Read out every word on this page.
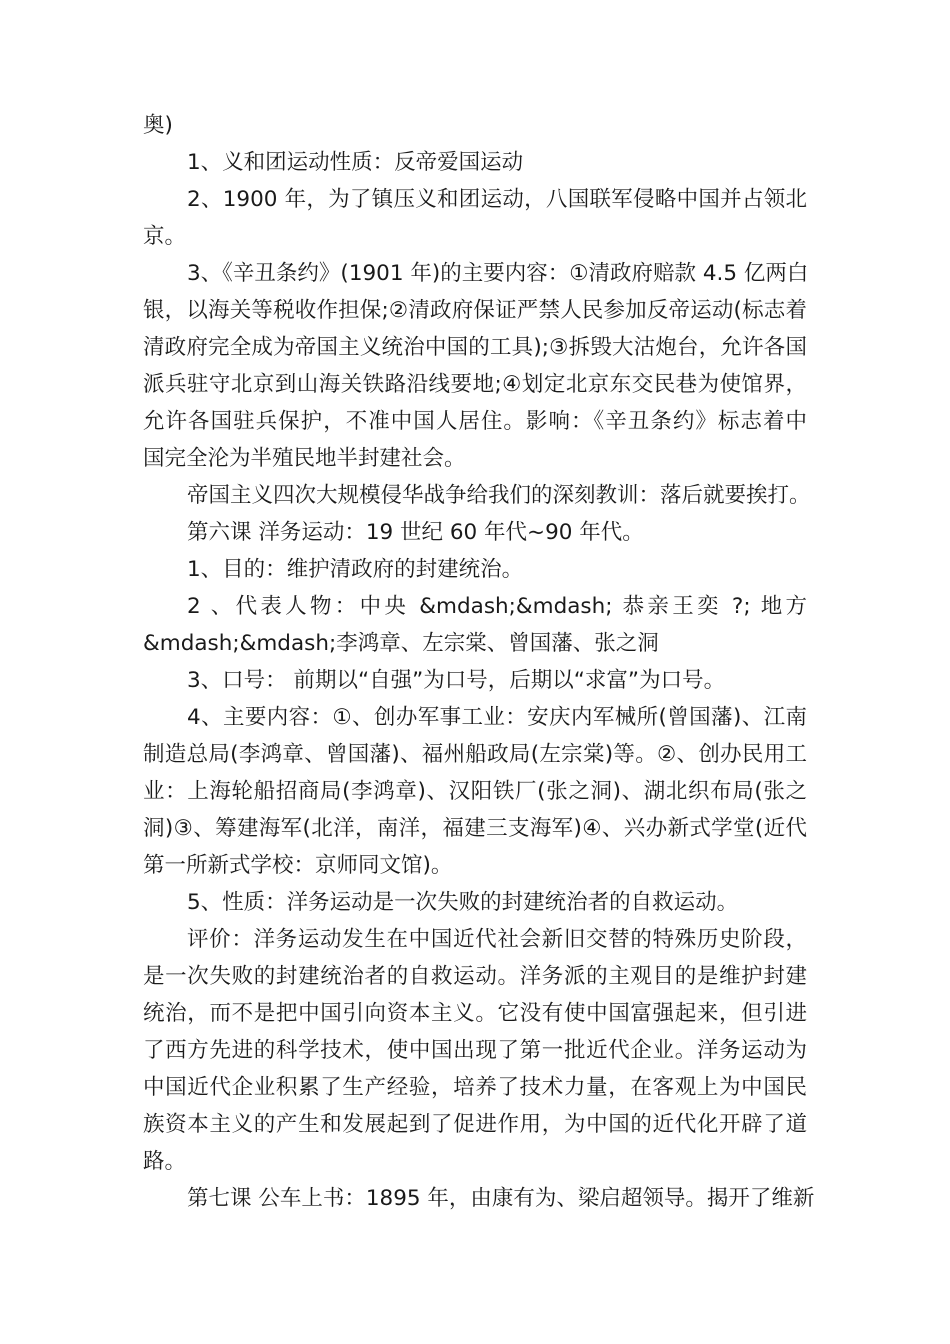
奥)
1、义和团运动性质：反帝爱国运动
2、1900 年，为了镇压义和团运动，八国联军侵略中国并占领北
京。
3、《辛丑条约》(1901 年)的主要内容：①清政府赔款 4.5 亿两白
银，以海关等税收作担保;②清政府保证严禁人民参加反帝运动(标志着
清政府完全成为帝国主义统治中国的工具);③拆毁大沽炮台，允许各国
派兵驻守北京到山海关铁路沿线要地;④划定北京东交民巷为使馆界，
允许各国驻兵保护，不准中国人居住。影响：《辛丑条约》标志着中
国完全沦为半殖民地半封建社会。
帝国主义四次大规模侵华战争给我们的深刻教训：落后就要挨打。
第六课 洋务运动：19 世纪 60 年代~90 年代。
1、目的：维护清政府的封建统治。
2 、代表人物：中央 &mdash;&mdash; 恭亲王奕 ?; 地方
&mdash;&mdash;李鸿章、左宗棠、曾国藩、张之洞
3、口号： 前期以“自强”为口号，后期以“求富”为口号。
4、主要内容：①、创办军事工业：安庆内军械所(曾国藩)、江南
制造总局(李鸿章、曾国藩)、福州船政局(左宗棠)等。②、创办民用工
业：上海轮船招商局(李鸿章)、汉阳铁厂(张之洞)、湖北织布局(张之
洞)③、筹建海军(北洋，南洋，福建三支海军)④、兴办新式学堂(近代
第一所新式学校：京师同文馆)。
5、性质：洋务运动是一次失败的封建统治者的自救运动。
评价：洋务运动发生在中国近代社会新旧交替的特殊历史阶段，
是一次失败的封建统治者的自救运动。洋务派的主观目的是维护封建
统治，而不是把中国引向资本主义。它没有使中国富强起来，但引进
了西方先进的科学技术，使中国出现了第一批近代企业。洋务运动为
中国近代企业积累了生产经验，培养了技术力量，在客观上为中国民
族资本主义的产生和发展起到了促进作用，为中国的近代化开辟了道
路。
第七课 公车上书：1895 年，由康有为、梁启超领导。揭开了维新
